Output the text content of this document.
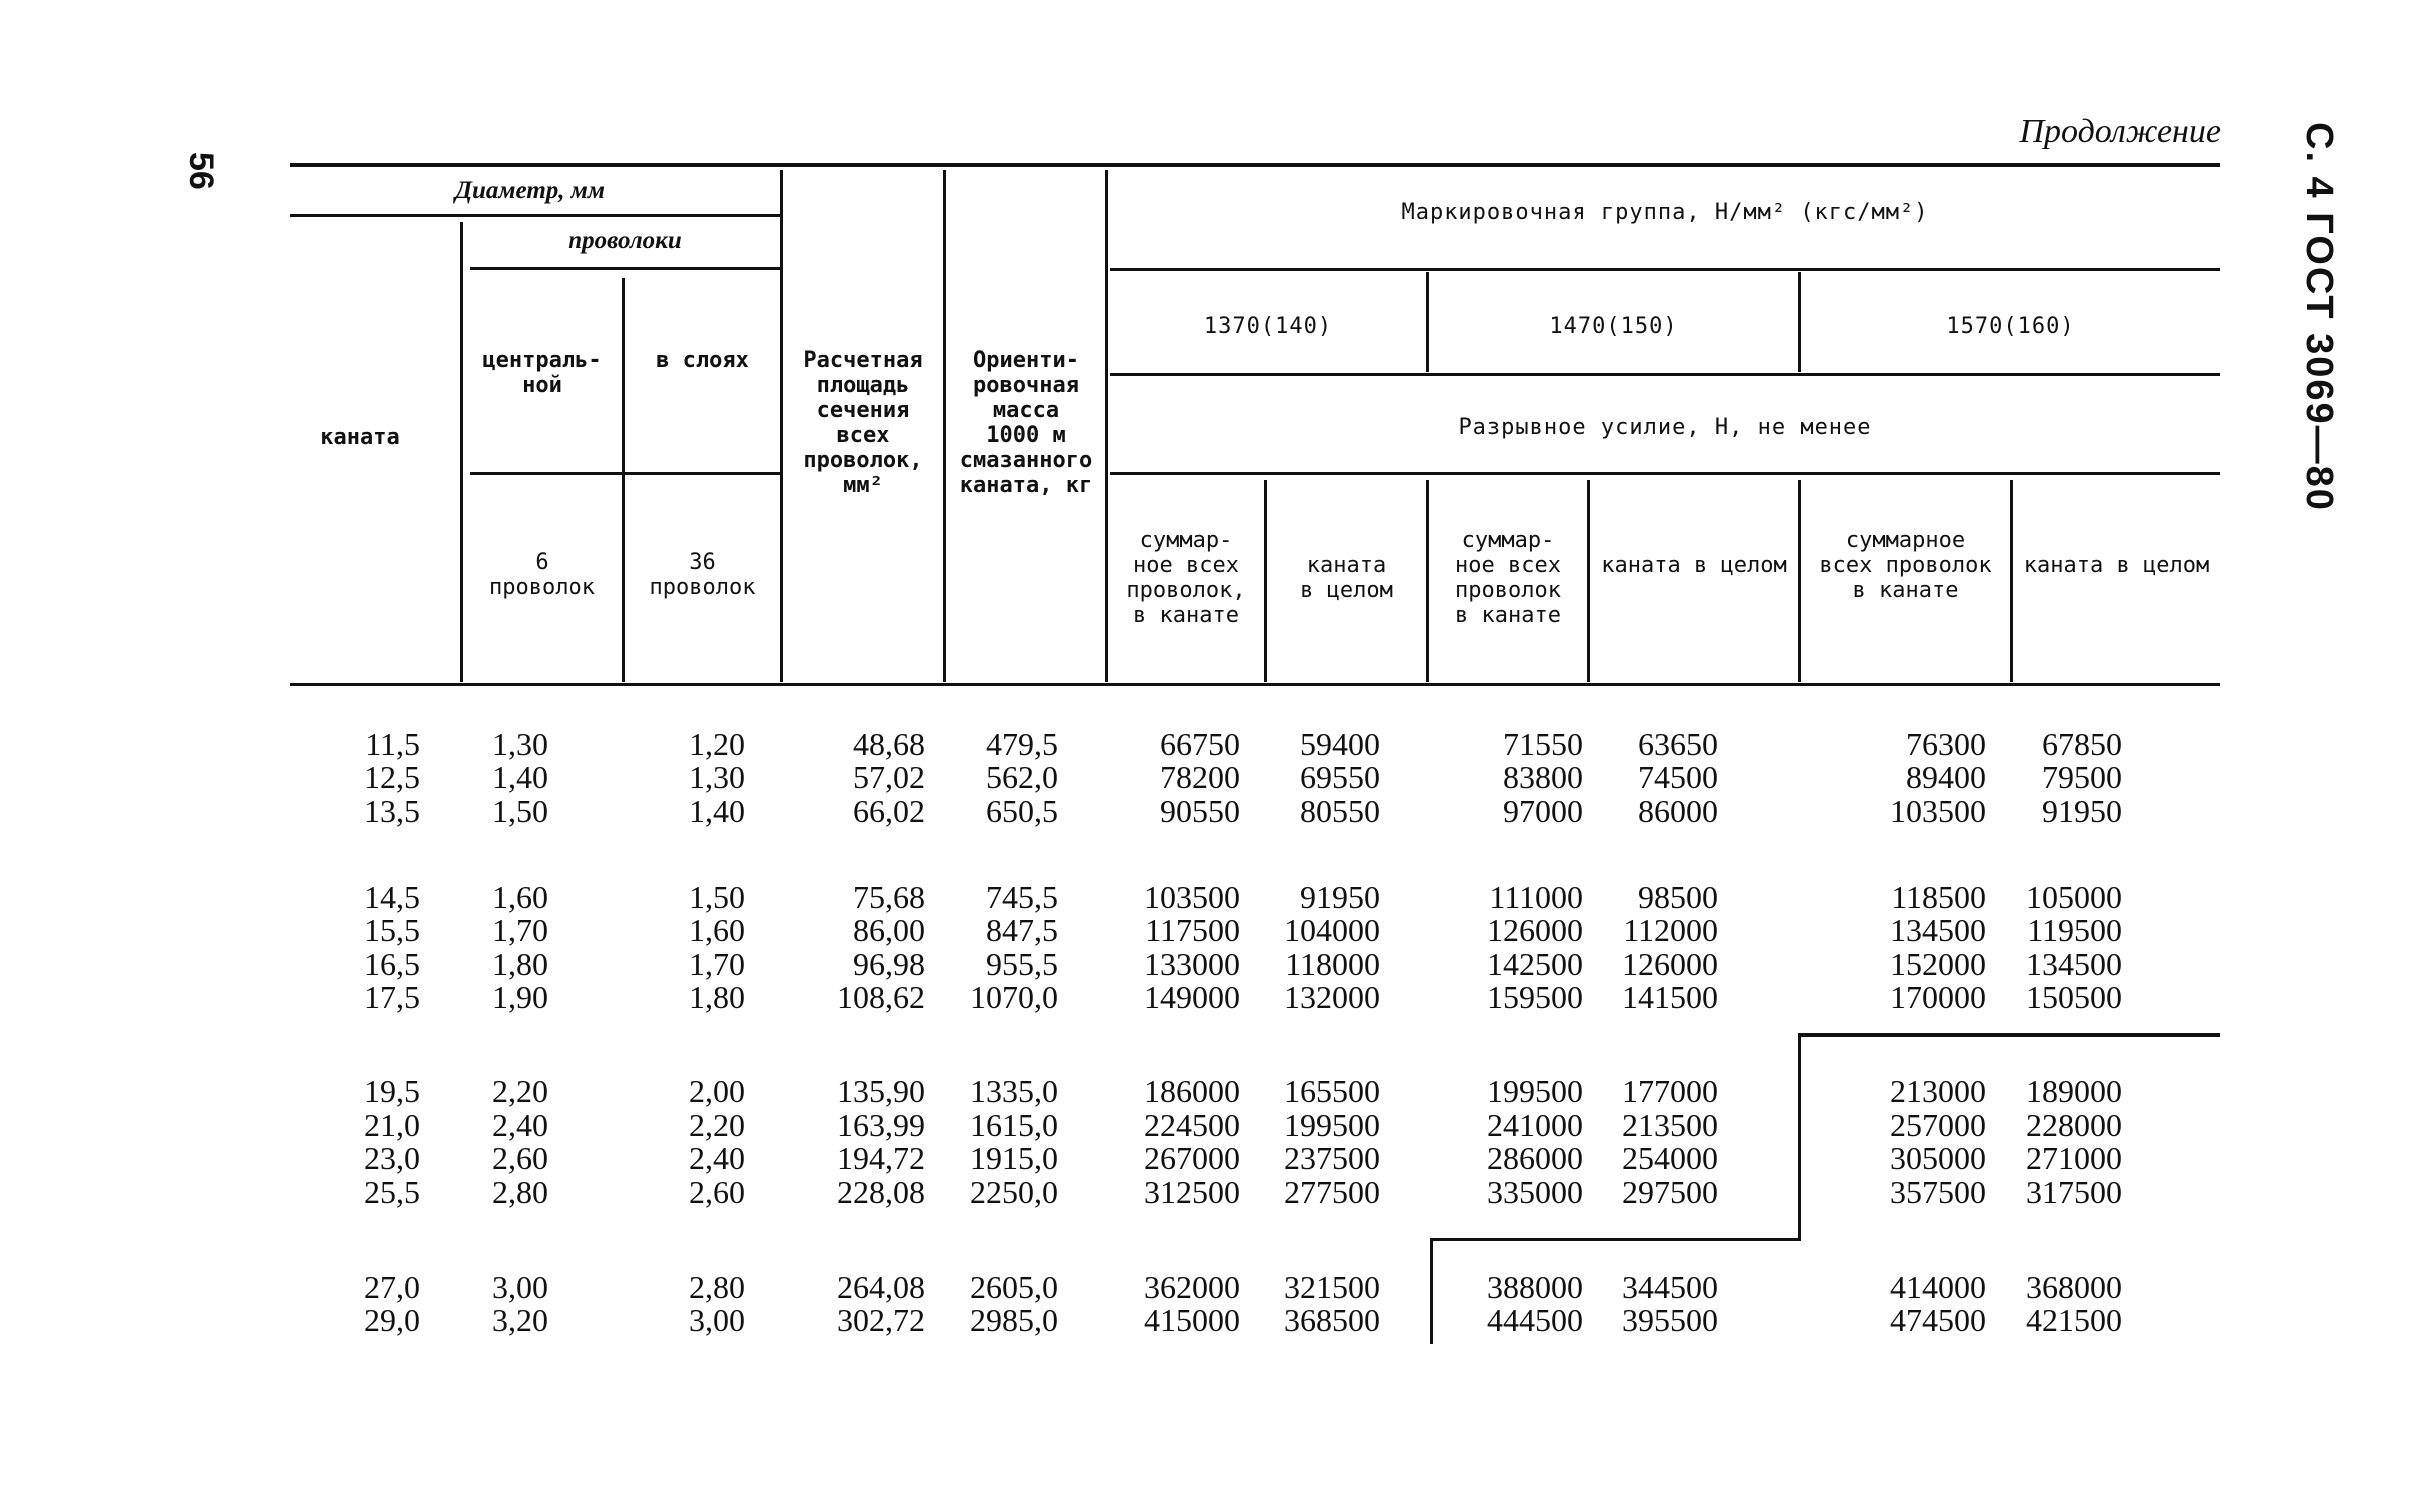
56	С. 4 ГОСТ 3069—80
Продолжение
Диаметр, мм
проволоки
централь-
ной
в слоях
каната
6
проволок
36
проволок
Расчетная
площадь
сечения
всех
проволок,
мм²
Ориенти-
ровочная
масса
1000 м
смазанного
каната, кг
Маркировочная группа, Н/мм² (кгс/мм²)
1370(140)	1470(150)	1570(160)
Разрывное усилие, Н, не менее
суммар-
ное всех
проволок,
в канате
каната
в целом
суммар-
ное всех
проволок
в канате
каната в целом
суммарное
всех проволок
в канате
каната в целом
11,5	1,30	1,20	48,68	479,5	66750	59400	71550	63650	76300	67850
12,5	1,40	1,30	57,02	562,0	78200	69550	83800	74500	89400	79500
13,5	1,50	1,40	66,02	650,5	90550	80550	97000	86000	103500	91950
14,5	1,60	1,50	75,68	745,5	103500	91950	111000	98500	118500	105000
15,5	1,70	1,60	86,00	847,5	117500	104000	126000	112000	134500	119500
16,5	1,80	1,70	96,98	955,5	133000	118000	142500	126000	152000	134500
17,5	1,90	1,80	108,62	1070,0	149000	132000	159500	141500	170000	150500
19,5	2,20	2,00	135,90	1335,0	186000	165500	199500	177000	213000	189000
21,0	2,40	2,20	163,99	1615,0	224500	199500	241000	213500	257000	228000
23,0	2,60	2,40	194,72	1915,0	267000	237500	286000	254000	305000	271000
25,5	2,80	2,60	228,08	2250,0	312500	277500	335000	297500	357500	317500
27,0	3,00	2,80	264,08	2605,0	362000	321500	388000	344500	414000	368000
29,0	3,20	3,00	302,72	2985,0	415000	368500	444500	395500	474500	421500
